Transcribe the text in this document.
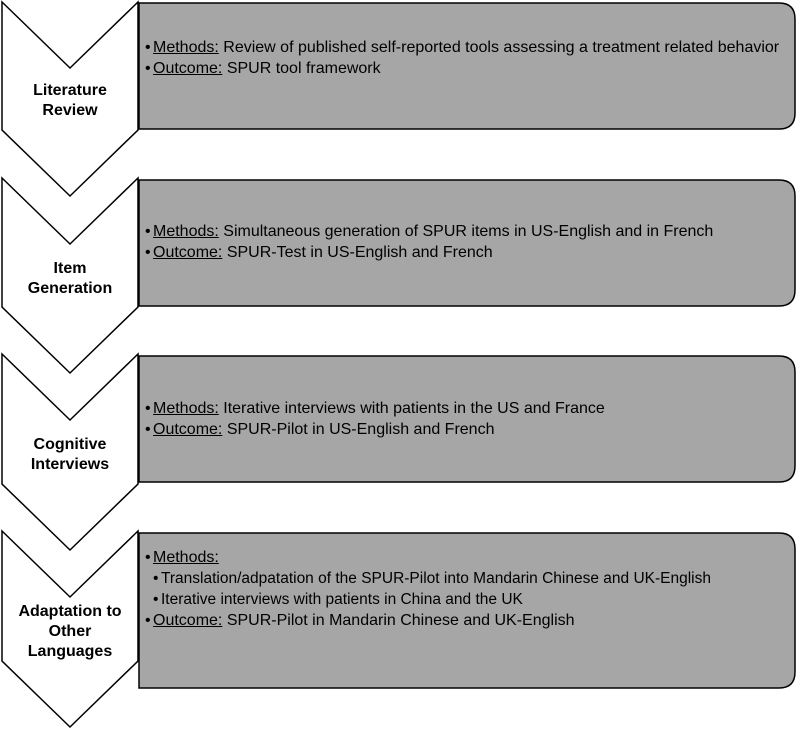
Literature
Review
• Methods: Review of published self-reported tools assessing a treatment related behavior
• Outcome: SPUR tool framework
Item
Generation
• Methods: Simultaneous generation of SPUR items in US-English and in French
• Outcome: SPUR-Test in US-English and French
Cognitive
Interviews
• Methods: Iterative interviews with patients in the US and France
• Outcome: SPUR-Pilot in US-English and French
Adaptation to
Other
Languages
• Methods:
• Translation/adpatation of the SPUR-Pilot into Mandarin Chinese and UK-English
• Iterative interviews with patients in China and the UK
• Outcome: SPUR-Pilot in Mandarin Chinese and UK-English
